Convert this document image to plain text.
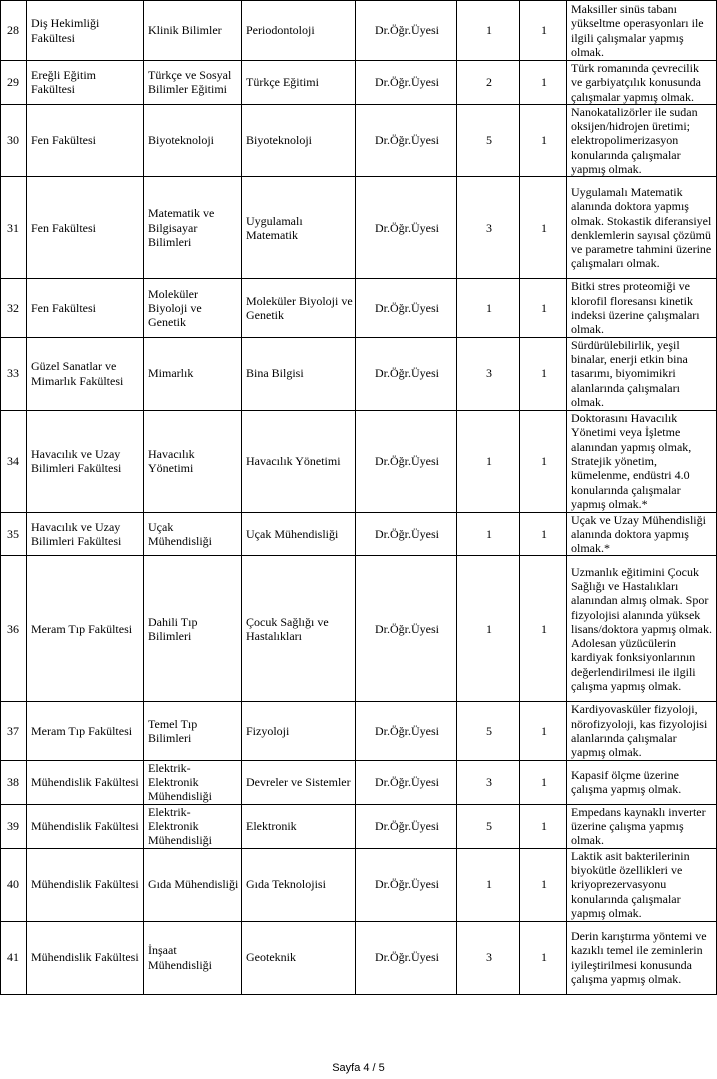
28	Diş Hekimliği Fakültesi	Klinik Bilimler	Periodontoloji	Dr.Öğr.Üyesi	1	1	Maksiller sinüs tabanı yükseltme operasyonları ile ilgili çalışmalar yapmış olmak.
29	Ereğli Eğitim Fakültesi	Türkçe ve Sosyal Bilimler Eğitimi	Türkçe Eğitimi	Dr.Öğr.Üyesi	2	1	Türk romanında çevrecilik ve garbiyatçılık konusunda çalışmalar yapmış olmak.
30	Fen Fakültesi	Biyoteknoloji	Biyoteknoloji	Dr.Öğr.Üyesi	5	1	Nanokatalizörler ile sudan oksijen/hidrojen üretimi; elektropolimerizasyon konularında çalışmalar yapmış olmak.
31	Fen Fakültesi	Matematik ve Bilgisayar Bilimleri	Uygulamalı Matematik	Dr.Öğr.Üyesi	3	1	Uygulamalı Matematik alanında doktora yapmış olmak. Stokastik diferansiyel denklemlerin sayısal çözümü ve parametre tahmini üzerine çalışmaları olmak.
32	Fen Fakültesi	Moleküler Biyoloji ve Genetik	Moleküler Biyoloji ve Genetik	Dr.Öğr.Üyesi	1	1	Bitki stres proteomiği ve klorofil floresansı kinetik indeksi üzerine çalışmaları olmak.
33	Güzel Sanatlar ve Mimarlık Fakültesi	Mimarlık	Bina Bilgisi	Dr.Öğr.Üyesi	3	1	Sürdürülebilirlik, yeşil binalar, enerji etkin bina tasarımı, biyomimikri alanlarında çalışmaları olmak.
34	Havacılık ve Uzay Bilimleri Fakültesi	Havacılık Yönetimi	Havacılık Yönetimi	Dr.Öğr.Üyesi	1	1	Doktorasını Havacılık Yönetimi veya İşletme alanından yapmış olmak, Stratejik yönetim, kümelenme, endüstri 4.0 konularında çalışmalar yapmış olmak.*
35	Havacılık ve Uzay Bilimleri Fakültesi	Uçak Mühendisliği	Uçak Mühendisliği	Dr.Öğr.Üyesi	1	1	Uçak ve Uzay Mühendisliği alanında doktora yapmış olmak.*
36	Meram Tıp Fakültesi	Dahili Tıp Bilimleri	Çocuk Sağlığı ve Hastalıkları	Dr.Öğr.Üyesi	1	1	Uzmanlık eğitimini Çocuk Sağlığı ve Hastalıkları alanından almış olmak. Spor fizyolojisi alanında yüksek lisans/doktora yapmış olmak. Adolesan yüzücülerin kardiyak fonksiyonlarının değerlendirilmesi ile ilgili çalışma yapmış olmak.
37	Meram Tıp Fakültesi	Temel Tıp Bilimleri	Fizyoloji	Dr.Öğr.Üyesi	5	1	Kardiyovasküler fizyoloji, nörofizyoloji, kas fizyolojisi alanlarında çalışmalar yapmış olmak.
38	Mühendislik Fakültesi	Elektrik-Elektronik Mühendisliği	Devreler ve Sistemler	Dr.Öğr.Üyesi	3	1	Kapasif ölçme üzerine çalışma yapmış olmak.
39	Mühendislik Fakültesi	Elektrik-Elektronik Mühendisliği	Elektronik	Dr.Öğr.Üyesi	5	1	Empedans kaynaklı inverter üzerine çalışma yapmış olmak.
40	Mühendislik Fakültesi	Gıda Mühendisliği	Gıda Teknolojisi	Dr.Öğr.Üyesi	1	1	Laktik asit bakterilerinin biyokütle özellikleri ve kriyoprezervasyonu konularında çalışmalar yapmış olmak.
41	Mühendislik Fakültesi	İnşaat Mühendisliği	Geoteknik	Dr.Öğr.Üyesi	3	1	Derin karıştırma yöntemi ve kazıklı temel ile zeminlerin iyileştirilmesi konusunda çalışma yapmış olmak.
Sayfa 4 / 5
